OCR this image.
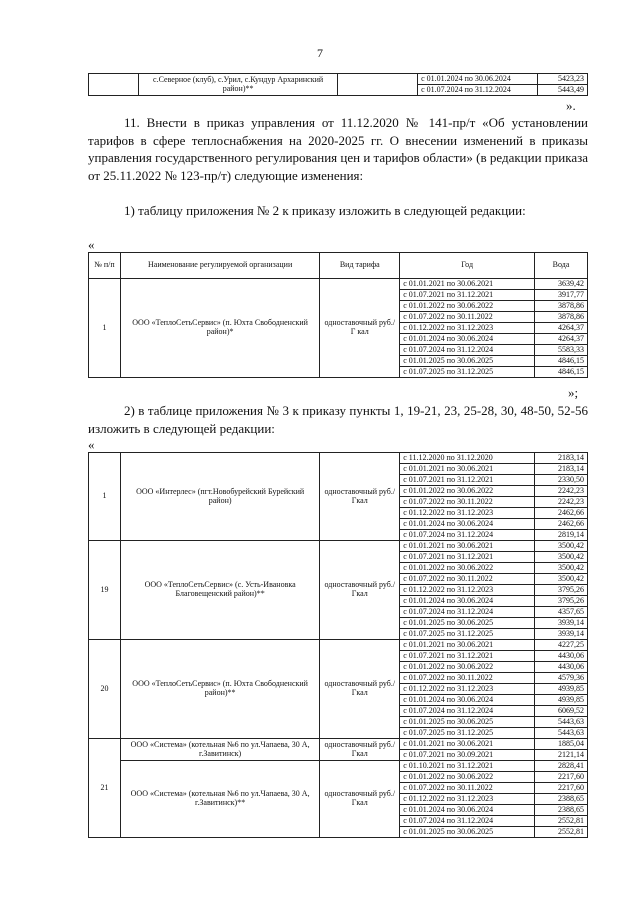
7
	с.Северное (клуб), с.Урил, с.Кундур Архаринский район)**		с 01.01.2024 по 30.06.2024	5423,23
			с 01.07.2024 по 31.12.2024	5443,49
».
11. Внести в приказ управления от 11.12.2020 № 141-пр/т «Об установлении тарифов в сфере теплоснабжения на 2020-2025 гг. О внесении изменений в приказы управления государственного регулирования цен и тарифов области» (в редакции приказа от 25.11.2022 № 123-пр/т) следующие изменения:
1) таблицу приложения № 2 к приказу изложить в следующей редакции:
«
№ п/п	Наименование регулируемой организации	Вид тарифа	Год	Вода
1	ООО «ТеплоСетьСервис» (п. Юхта Свободненский район)*	одноставочный руб./Г кал	с 01.01.2021 по 30.06.2021	3639,42
			с 01.07.2021 по 31.12.2021	3917,77
			с 01.01.2022 по 30.06.2022	3878,86
			с 01.07.2022 по 30.11.2022	3878,86
			с 01.12.2022 по 31.12.2023	4264,37
			с 01.01.2024 по 30.06.2024	4264,37
			с 01.07.2024 по 31.12.2024	5583,33
			с 01.01.2025 по 30.06.2025	4846,15
			с 01.07.2025 по 31.12.2025	4846,15
»;
2) в таблице приложения № 3 к приказу пункты 1, 19-21, 23, 25-28, 30, 48-50, 52-56 изложить в следующей редакции:
«
1	ООО «Интерлес» (пгт.Новобурейский Бурейский район)	одноставочный руб./Гкал	с 11.12.2020 по 31.12.2020	2183,14
			с 01.01.2021 по 30.06.2021	2183,14
			с 01.07.2021 по 31.12.2021	2330,50
			с 01.01.2022 по 30.06.2022	2242,23
			с 01.07.2022 по 30.11.2022	2242,23
			с 01.12.2022 по 31.12.2023	2462,66
			с 01.01.2024 по 30.06.2024	2462,66
			с 01.07.2024 по 31.12.2024	2819,14
19	ООО «ТеплоСетьСервис» (с. Усть-Ивановка Благовещенский район)**	одноставочный руб./Гкал	с 01.01.2021 по 30.06.2021	3500,42
			с 01.07.2021 по 31.12.2021	3500,42
			с 01.01.2022 по 30.06.2022	3500,42
			с 01.07.2022 по 30.11.2022	3500,42
			с 01.12.2022 по 31.12.2023	3795,26
			с 01.01.2024 по 30.06.2024	3795,26
			с 01.07.2024 по 31.12.2024	4357,65
			с 01.01.2025 по 30.06.2025	3939,14
			с 01.07.2025 по 31.12.2025	3939,14
20	ООО «ТеплоСетьСервис» (п. Юхта Свободненский район)**	одноставочный руб./Гкал	с 01.01.2021 по 30.06.2021	4227,25
			с 01.07.2021 по 31.12.2021	4430,06
			с 01.01.2022 по 30.06.2022	4430,06
			с 01.07.2022 по 30.11.2022	4579,36
			с 01.12.2022 по 31.12.2023	4939,85
			с 01.01.2024 по 30.06.2024	4939,85
			с 01.07.2024 по 31.12.2024	6069,52
			с 01.01.2025 по 30.06.2025	5443,63
			с 01.07.2025 по 31.12.2025	5443,63
21	ООО «Система» (котельная №6 по ул.Чапаева, 30 А, г.Завитинск)	одноставочный руб./Гкал	с 01.01.2021 по 30.06.2021	1885,04
			с 01.07.2021 по 30.09.2021	2121,14
	ООО «Система» (котельная №6 по ул.Чапаева, 30 А, г.Завитинск)**	одноставочный руб./Гкал	с 01.10.2021 по 31.12.2021	2828,41
			с 01.01.2022 по 30.06.2022	2217,60
			с 01.07.2022 по 30.11.2022	2217,60
			с 01.12.2022 по 31.12.2023	2388,65
			с 01.01.2024 по 30.06.2024	2388,65
			с 01.07.2024 по 31.12.2024	2552,81
			с 01.01.2025 по 30.06.2025	2552,81
